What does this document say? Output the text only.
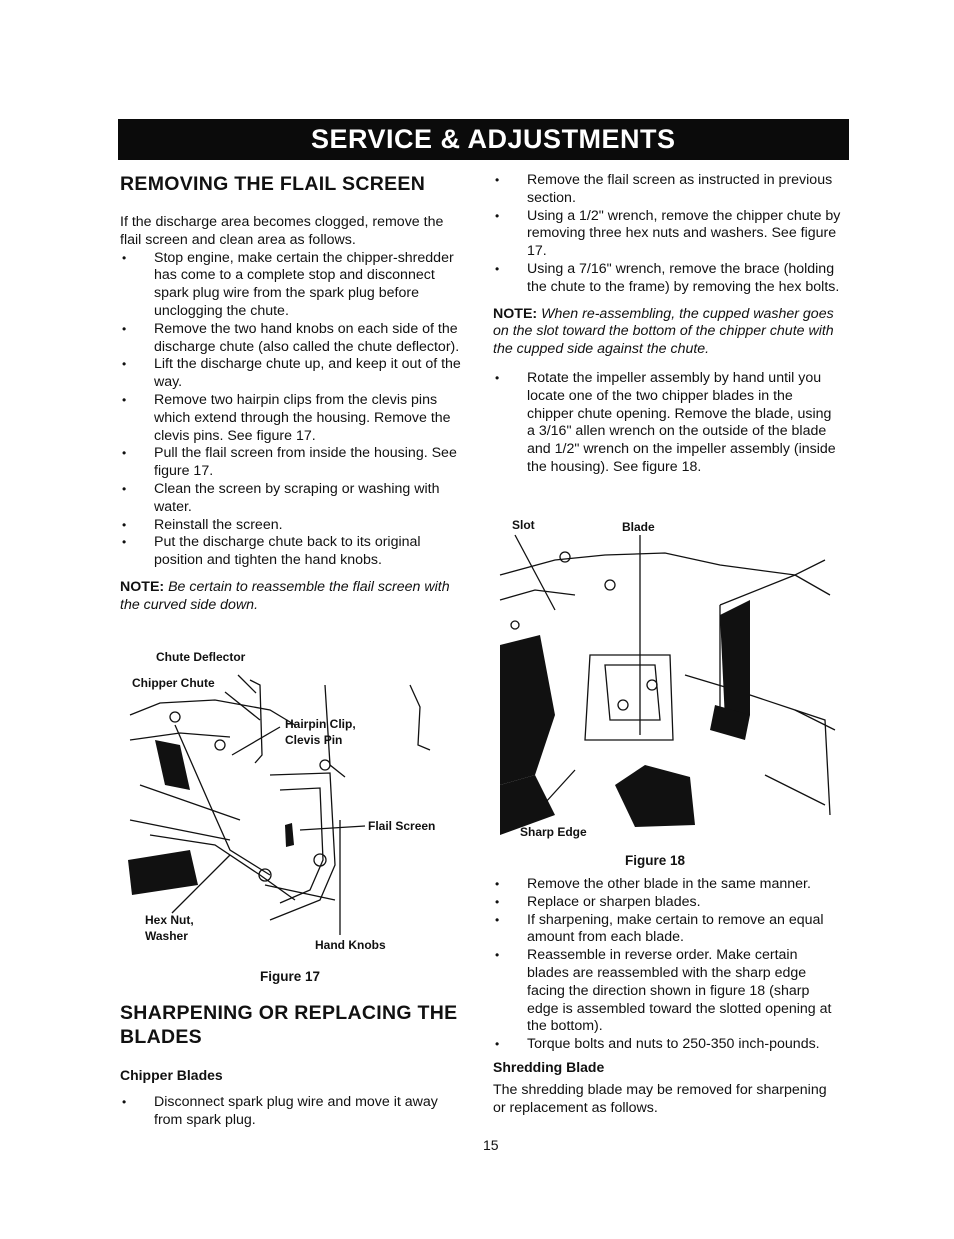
SERVICE & ADJUSTMENTS
REMOVING THE FLAIL SCREEN

If the discharge area becomes clogged, remove the flail screen and clean area as follows.

• Stop engine, make certain the chipper-shredder has come to a complete stop and disconnect spark plug wire from the spark plug before unclogging the chute.
• Remove the two hand knobs on each side of the discharge chute (also called the chute deflector).
• Lift the discharge chute up, and keep it out of the way.
• Remove two hairpin clips from the clevis pins which extend through the housing. Remove the clevis pins. See figure 17.
• Pull the flail screen from inside the housing. See figure 17.
• Clean the screen by scraping or washing with water.
• Reinstall the screen.
• Put the discharge chute back to its original position and tighten the hand knobs.

NOTE: Be certain to reassemble the flail screen with the curved side down.

Chute Deflector
Chipper Chute
Hairpin Clip,
Clevis Pin
Flail Screen
Hex Nut,
Washer
Hand Knobs
Figure 17
SHARPENING OR REPLACING THE BLADES
Chipper Blades
• Disconnect spark plug wire and move it away from spark plug.
• Remove the flail screen as instructed in previous section.
• Using a 1/2" wrench, remove the chipper chute by removing three hex nuts and washers. See figure 17.
• Using a 7/16" wrench, remove the brace (holding the chute to the frame) by removing the hex bolts.

NOTE: When re-assembling, the cupped washer goes on the slot toward the bottom of the chipper chute with the cupped side against the chute.

• Rotate the impeller assembly by hand until you locate one of the two chipper blades in the chipper chute opening. Remove the blade, using a 3/16" allen wrench on the outside of the blade and 1/2" wrench on the impeller assembly (inside the housing). See figure 18.
Slot	Blade
Sharp Edge
Figure 18
• Remove the other blade in the same manner.
• Replace or sharpen blades.
• If sharpening, make certain to remove an equal amount from each blade.
• Reassemble in reverse order. Make certain blades are reassembled with the sharp edge facing the direction shown in figure 18 (sharp edge is assembled toward the slotted opening at the bottom).
• Torque bolts and nuts to 250-350 inch-pounds.
Shredding Blade

The shredding blade may be removed for sharpening or replacement as follows.

15
